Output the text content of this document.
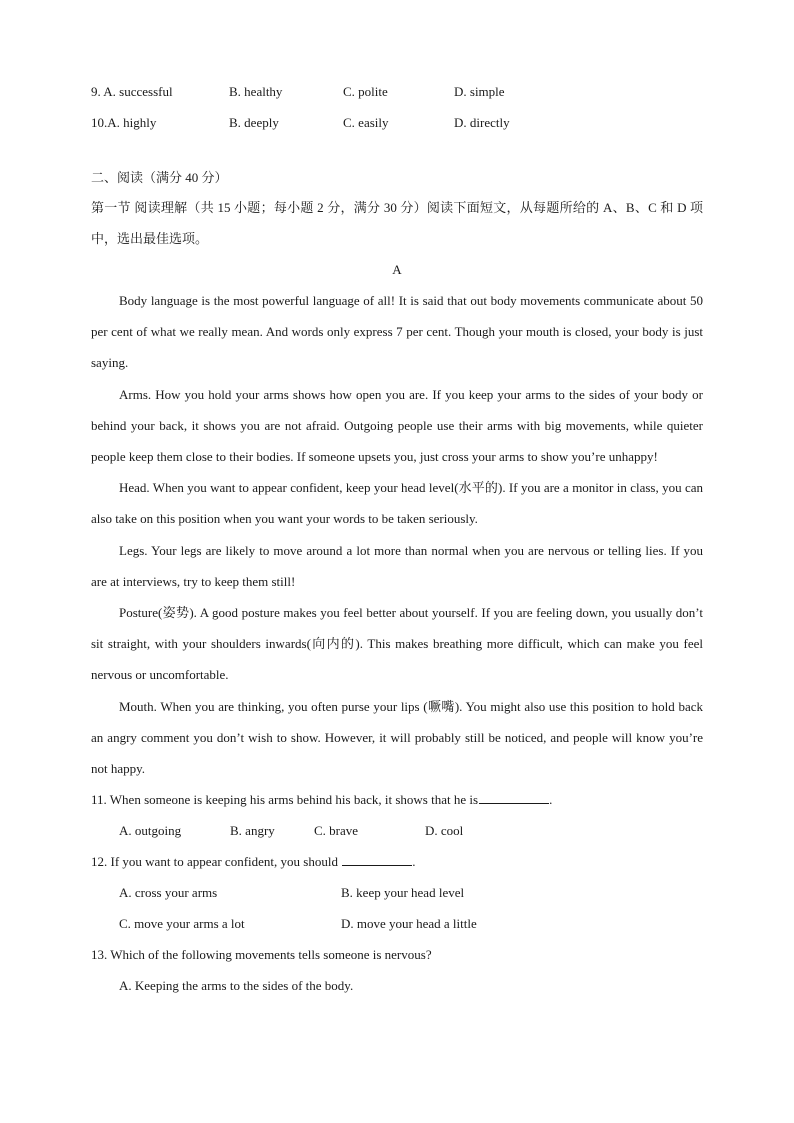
9. A. successful	B. healthy	C. polite	D. simple
10.A. highly	B. deeply	C. easily	D. directly
二、阅读（满分 40 分）
第一节 阅读理解（共 15 小题；每小题 2 分，满分 30 分）阅读下面短文，从每题所给的 A、B、C 和 D 项中，选出最佳选项。
A

Body language is the most powerful language of all! It is said that out body movements communicate about 50 per cent of what we really mean. And words only express 7 per cent. Though your mouth is closed, your body is just saying.

Arms. How you hold your arms shows how open you are. If you keep your arms to the sides of your body or behind your back, it shows you are not afraid. Outgoing people use their arms with big movements, while quieter people keep them close to their bodies. If someone upsets you, just cross your arms to show you’re unhappy!

Head. When you want to appear confident, keep your head level(水平的). If you are a monitor in class, you can also take on this position when you want your words to be taken seriously.

Legs. Your legs are likely to move around a lot more than normal when you are nervous or telling lies. If you are at interviews, try to keep them still!

Posture(姿势). A good posture makes you feel better about yourself. If you are feeling down, you usually don’t sit straight, with your shoulders inwards(向内的). This makes breathing more difficult, which can make you feel nervous or uncomfortable.

Mouth. When you are thinking, you often purse your lips (噘嘴). You might also use this position to hold back an angry comment you don’t wish to show. However, it will probably still be noticed, and people will know you’re not happy.

11. When someone is keeping his arms behind his back, it shows that he is	.
A. outgoing	B. angry	C. brave	D. cool
12. If you want to appear confident, you should	.
A. cross your arms	B. keep your head level
C. move your arms a lot	D. move your head a little
13. Which of the following movements tells someone is nervous?
A. Keeping the arms to the sides of the body.
